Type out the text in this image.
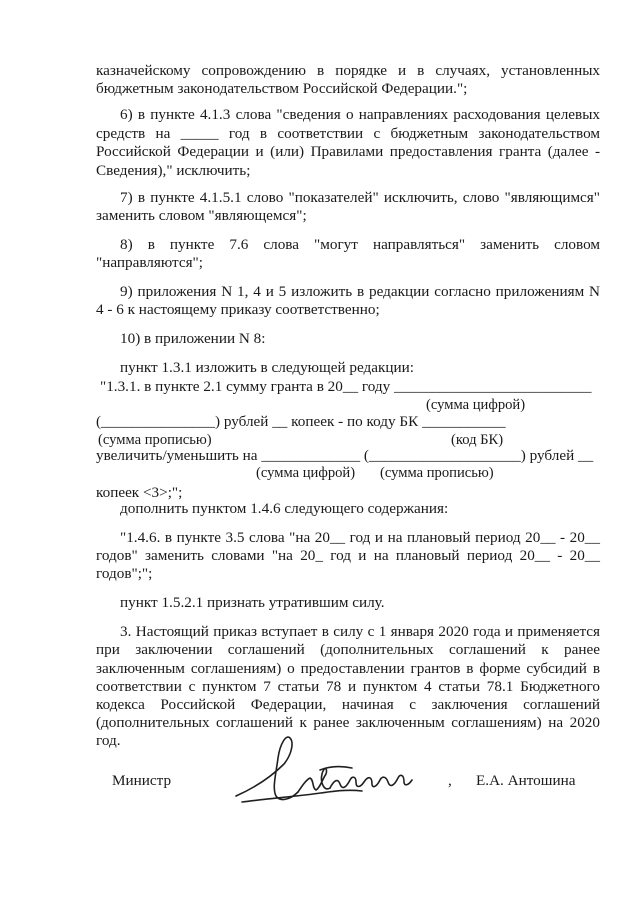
казначейскому сопровождению в порядке и в случаях, установленных
бюджетным законодательством Российской Федерации.";
6) в пункте 4.1.3 слова "сведения о направлениях расходования целевых
средств на _____ год в соответствии с бюджетным законодательством
Российской Федерации и (или) Правилами предоставления гранта (далее -
Сведения)," исключить;
7) в пункте 4.1.5.1 слово "показателей" исключить, слово "являющимся"
заменить словом "являющемся";
8) в пункте 7.6 слова "могут направляться" заменить словом
"направляются";
9) приложения N 1, 4 и 5 изложить в редакции согласно приложениям N
4 - 6 к настоящему приказу соответственно;
10) в приложении N 8:
пункт 1.3.1 изложить в следующей редакции:
"1.3.1. в пункте 2.1 сумму гранта в 20__ году __________________________
(сумма цифрой)
(_______________) рублей __ копеек - по коду БК ___________
(сумма прописью)	(код БК)
увеличить/уменьшить на _____________ (____________________) рублей __
(сумма цифрой) (сумма прописью)
копеек <3>;";
дополнить пунктом 1.4.6 следующего содержания:
"1.4.6. в пункте 3.5 слова "на 20__ год и на плановый период 20__ - 20__
годов" заменить словами "на 20_ год и на плановый период 20__ - 20__
годов";";
пункт 1.5.2.1 признать утратившим силу.
3. Настоящий приказ вступает в силу с 1 января 2020 года и применяется
при заключении соглашений (дополнительных соглашений к ранее
заключенным соглашениям) о предоставлении грантов в форме субсидий в
соответствии с пунктом 7 статьи 78 и пунктом 4 статьи 78.1 Бюджетного
кодекса Российской Федерации, начиная с заключения соглашений
(дополнительных соглашений к ранее заключенным соглашениям) на 2020
год.
Министр	, Е.А. Антошина
